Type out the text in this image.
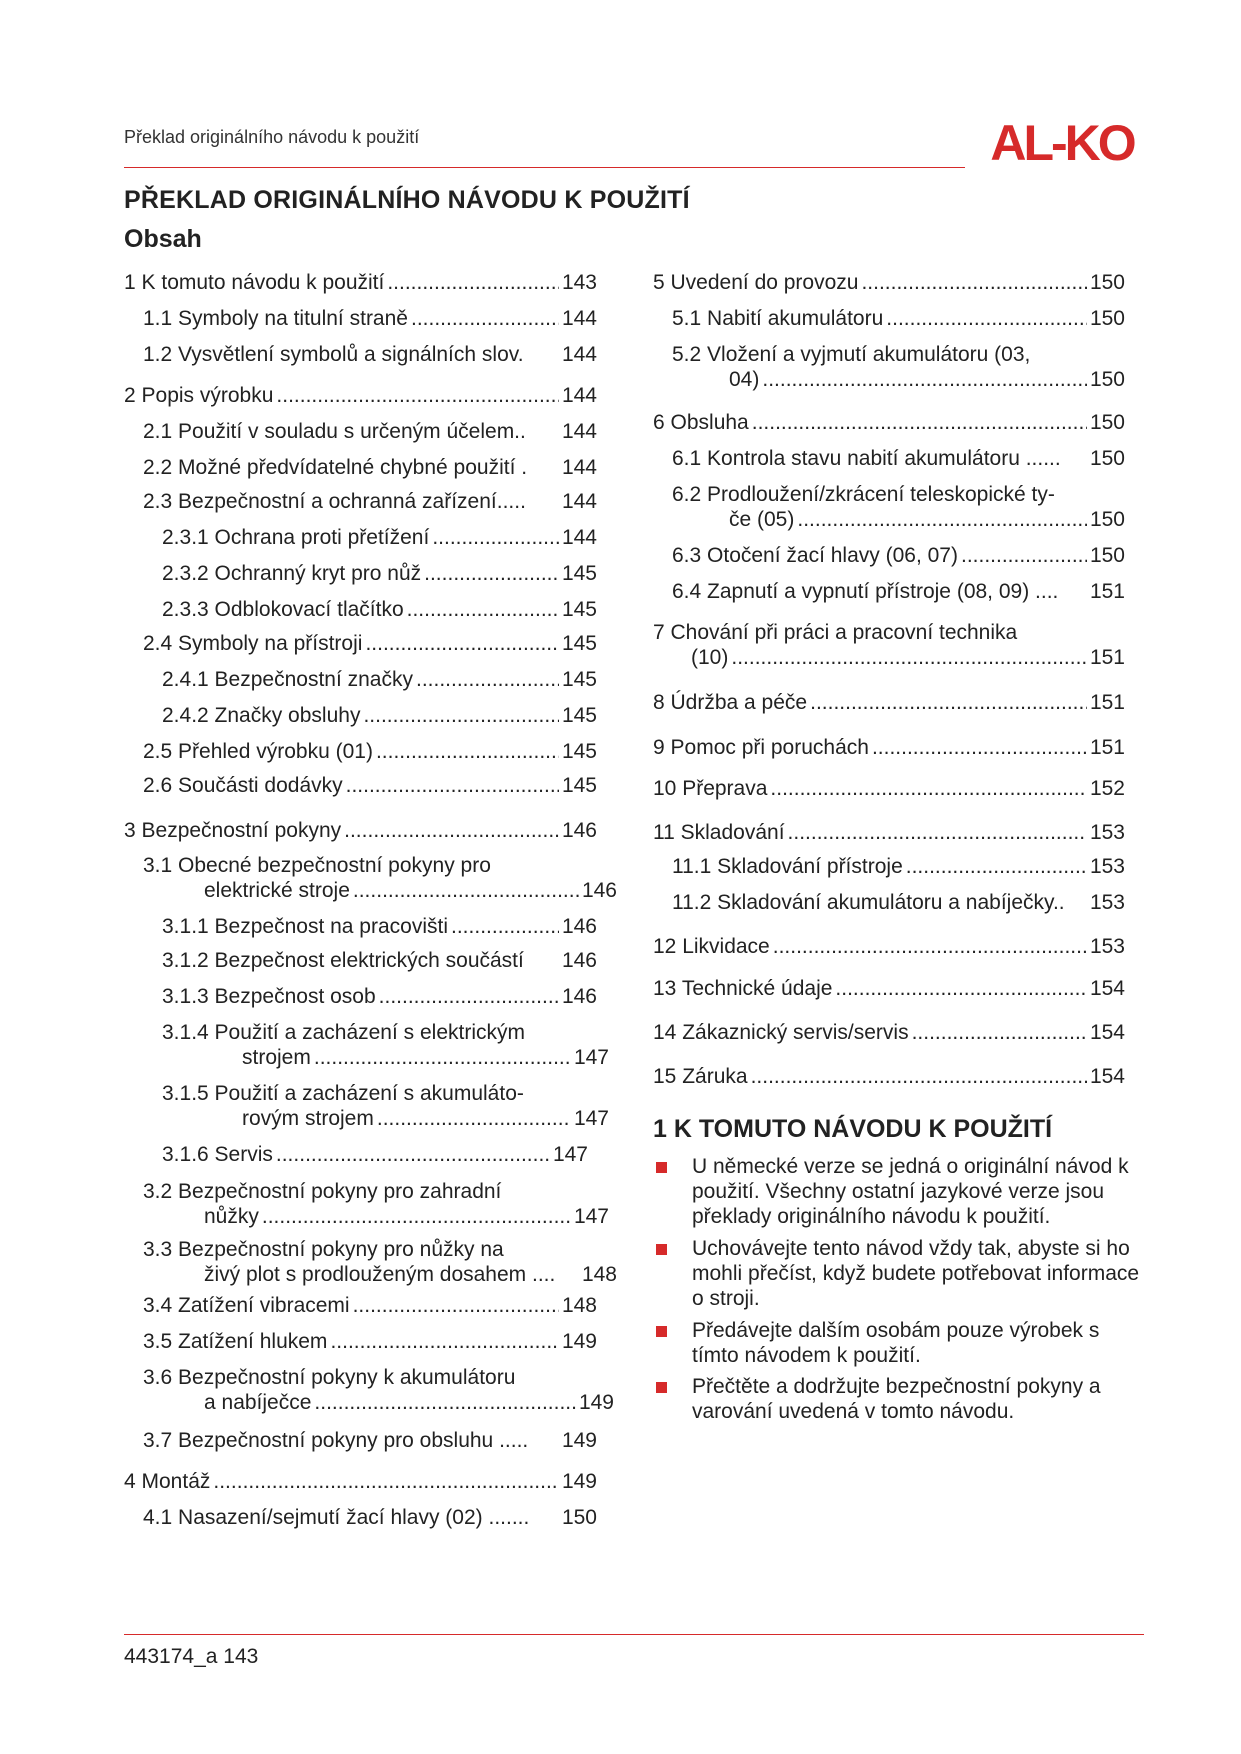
Překlad originálního návodu k použití	AL-KO
PŘEKLAD ORIGINÁLNÍHO NÁVODU K POUŽITÍ
Obsah
1 K tomuto návodu k použití .....	143
1.1 Symboly na titulní straně .....	144
1.2 Vysvětlení symbolů a signálních slov. 144
2 Popis výrobku .....	144
2.1 Použití v souladu s určeným účelem.. 144
2.2 Možné předvídatelné chybné použití . 144
2.3 Bezpečnostní a ochranná zařízení..... 144
2.3.1 Ochrana proti přetížení .....	144
2.3.2 Ochranný kryt pro nůž .....	145
2.3.3 Odblokovací tlačítko .....	145
2.4 Symboly na přístroji .....	145
2.4.1 Bezpečnostní značky .....	145
2.4.2 Značky obsluhy .....	145
2.5 Přehled výrobku (01) .....	145
2.6 Součásti dodávky .....	145
3 Bezpečnostní pokyny .....	146
3.1 Obecné bezpečnostní pokyny pro
elektrické stroje .....	146
3.1.1 Bezpečnost na pracovišti .....	146
3.1.2 Bezpečnost elektrických součástí 146
3.1.3 Bezpečnost osob .....	146
3.1.4 Použití a zacházení s elektrickým
strojem .....	147
3.1.5 Použití a zacházení s akumuláto-
rovým strojem .....	147
3.1.6 Servis .....	147
3.2 Bezpečnostní pokyny pro zahradní
nůžky .....	147
3.3 Bezpečnostní pokyny pro nůžky na
živý plot s prodlouženým dosahem .... 148
3.4 Zatížení vibracemi .....	148
3.5 Zatížení hlukem .....	149
3.6 Bezpečnostní pokyny k akumulátoru
a nabíječce .....	149
3.7 Bezpečnostní pokyny pro obsluhu ..... 149
4 Montáž .....	149
4.1 Nasazení/sejmutí žací hlavy (02) ....... 150
5 Uvedení do provozu .....	150
5.1 Nabití akumulátoru .....	150
5.2 Vložení a vyjmutí akumulátoru (03,
04) .....	150
6 Obsluha .....	150
6.1 Kontrola stavu nabití akumulátoru ...... 150
6.2 Prodloužení/zkrácení teleskopické ty-
če (05) .....	150
6.3 Otočení žací hlavy (06, 07) .....	150
6.4 Zapnutí a vypnutí přístroje (08, 09) .... 151
7 Chování při práci a pracovní technika
(10) .....	151
8 Údržba a péče .....	151
9 Pomoc při poruchách .....	151
10 Přeprava .....	152
11 Skladování .....	153
11.1 Skladování přístroje .....	153
11.2 Skladování akumulátoru a nabíječky.. 153
12 Likvidace .....	153
13 Technické údaje .....	154
14 Zákaznický servis/servis .....	154
15 Záruka .....	154
1 K TOMUTO NÁVODU K POUŽITÍ
U německé verze se jedná o originální návod k použití. Všechny ostatní jazykové verze jsou překlady originálního návodu k použití.
Uchovávejte tento návod vždy tak, abyste si ho mohli přečíst, když budete potřebovat informace o stroji.
Předávejte dalším osobám pouze výrobek s tímto návodem k použití.
Přečtěte a dodržujte bezpečnostní pokyny a varování uvedená v tomto návodu.
443174_a 143
